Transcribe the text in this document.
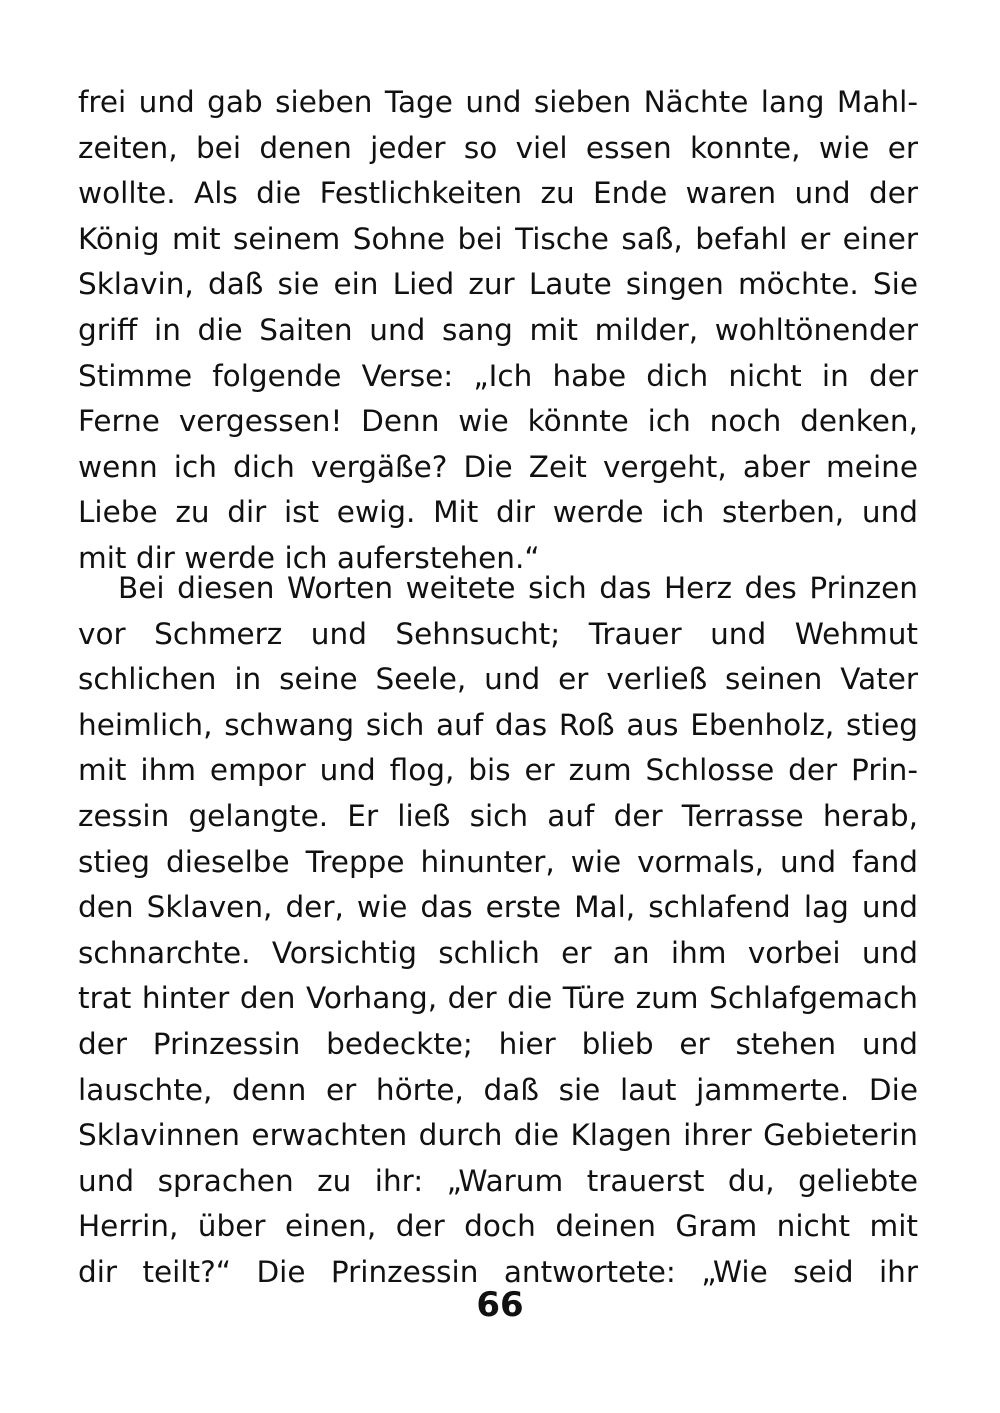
frei und gab sieben Tage und sieben Nächte lang Mahl-
zeiten, bei denen jeder so viel essen konnte, wie er
wollte. Als die Festlichkeiten zu Ende waren und der
König mit seinem Sohne bei Tische saß, befahl er einer
Sklavin, daß sie ein Lied zur Laute singen möchte. Sie
griff in die Saiten und sang mit milder, wohltönender
Stimme folgende Verse: „Ich habe dich nicht in der
Ferne vergessen! Denn wie könnte ich noch denken,
wenn ich dich vergäße? Die Zeit vergeht, aber meine
Liebe zu dir ist ewig. Mit dir werde ich sterben, und
mit dir werde ich auferstehen.“
Bei diesen Worten weitete sich das Herz des Prinzen
vor Schmerz und Sehnsucht; Trauer und Wehmut
schlichen in seine Seele, und er verließ seinen Vater
heimlich, schwang sich auf das Roß aus Ebenholz, stieg
mit ihm empor und flog, bis er zum Schlosse der Prin-
zessin gelangte. Er ließ sich auf der Terrasse herab,
stieg dieselbe Treppe hinunter, wie vormals, und fand
den Sklaven, der, wie das erste Mal, schlafend lag und
schnarchte. Vorsichtig schlich er an ihm vorbei und
trat hinter den Vorhang, der die Türe zum Schlafgemach
der Prinzessin bedeckte; hier blieb er stehen und
lauschte, denn er hörte, daß sie laut jammerte. Die
Sklavinnen erwachten durch die Klagen ihrer Gebieterin
und sprachen zu ihr: „Warum trauerst du, geliebte
Herrin, über einen, der doch deinen Gram nicht mit
dir teilt?“ Die Prinzessin antwortete: „Wie seid ihr
66
